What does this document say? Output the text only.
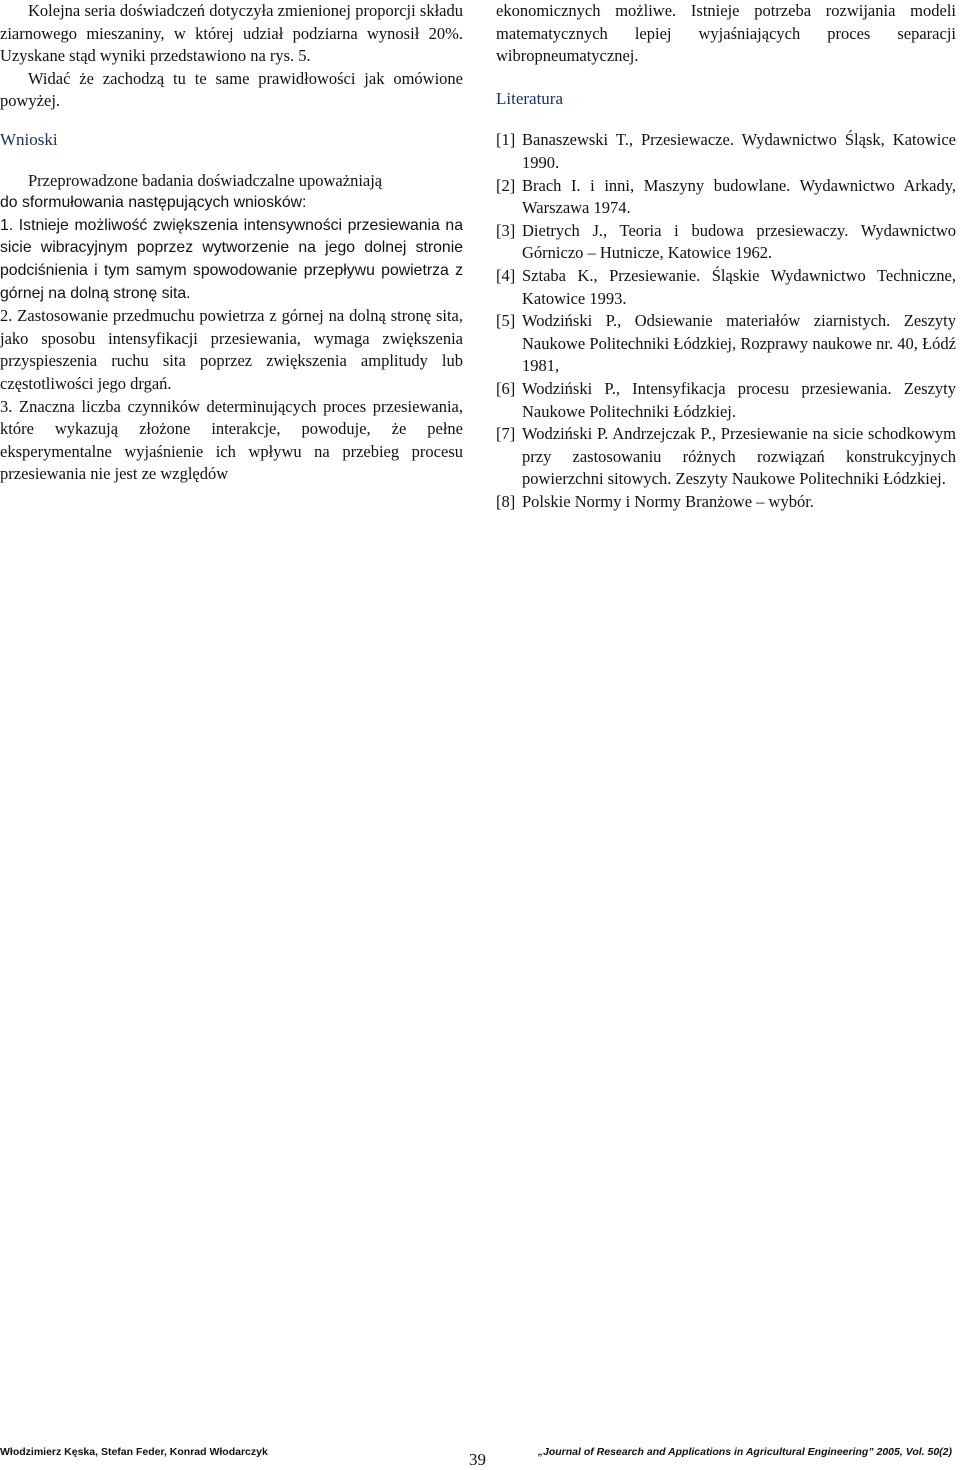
Kolejna seria doświadczeń dotyczyła zmienionej proporcji składu ziarnowego mieszaniny, w której udział podziarna wynosił 20%. Uzyskane stąd wyniki przedstawiono na rys. 5.

Widać że zachodzą tu te same prawidłowości jak omówione powyżej.

Wnioski

Przeprowadzone badania doświadczalne upoważniają

do sformułowania następujących wniosków:

1. Istnieje możliwość zwiększenia intensywności przesiewania na sicie wibracyjnym poprzez wytworzenie na jego dolnej stronie podciśnienia i tym samym spowodowanie przepływu powietrza z górnej na dolną stronę sita.

2. Zastosowanie przedmuchu powietrza z górnej na dolną stronę sita, jako sposobu intensyfikacji przesiewania, wymaga zwiększenia przyspieszenia ruchu sita poprzez zwiększenia amplitudy lub częstotliwości jego drgań.

3. Znaczna liczba czynników determinujących proces przesiewania, które wykazują złożone interakcje, powoduje, że pełne eksperymentalne wyjaśnienie ich wpływu na przebieg procesu przesiewania nie jest ze względów

ekonomicznych możliwe. Istnieje potrzeba rozwijania modeli matematycznych lepiej wyjaśniających proces separacji wibropneumatycznej.

Literatura
[1] Banaszewski T., Przesiewacze. Wydawnictwo Śląsk, Katowice 1990.
[2] Brach I. i inni, Maszyny budowlane. Wydawnictwo Arkady, Warszawa 1974.
[3] Dietrych J., Teoria i budowa przesiewaczy. Wydawnictwo Górniczo – Hutnicze, Katowice 1962.
[4] Sztaba K., Przesiewanie. Śląskie Wydawnictwo Techniczne, Katowice 1993.
[5] Wodziński P., Odsiewanie materiałów ziarnistych. Zeszyty Naukowe Politechniki Łódzkiej, Rozprawy naukowe nr. 40, Łódź 1981,
[6] Wodziński P., Intensyfikacja procesu przesiewania. Zeszyty Naukowe Politechniki Łódzkiej.
[7] Wodziński P. Andrzejczak P., Przesiewanie na sicie schodkowym przy zastosowaniu różnych rozwiązań konstrukcyjnych powierzchni sitowych. Zeszyty Naukowe Politechniki Łódzkiej.
[8] Polskie Normy i Normy Branżowe – wybór.
Włodzimierz Kęska, Stefan Feder, Konrad Włodarczyk	39	„Journal of Research and Applications in Agricultural Engineering” 2005, Vol. 50(2)
